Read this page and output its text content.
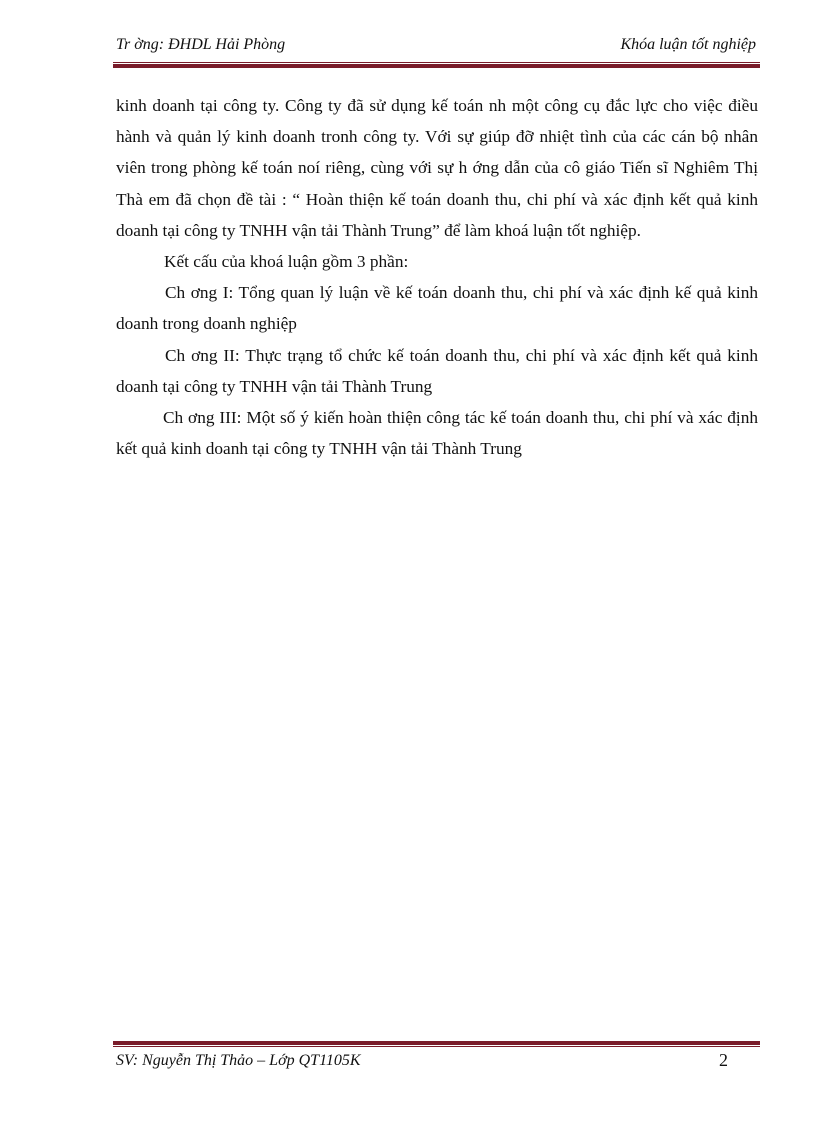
Tr ờng: ĐHDL Hải Phòng	Khóa luận tốt nghiệp

kinh doanh tại công ty. Công ty đã sử dụng kế toán nh một công cụ đắc lực cho việc điều hành và quản lý kinh doanh tronh công ty. Với sự giúp đỡ nhiệt tình của các cán bộ nhân viên trong phòng kế toán noí riêng, cùng với sự h ớng dẫn của cô giáo Tiến sĩ Nghiêm Thị Thà em đã chọn đề tài : “ Hoàn thiện kế toán doanh thu, chi phí và xác định kết quả kinh doanh tại công ty TNHH vận tải Thành Trung” để làm khoá luận tốt nghiệp.

Kết cấu của khoá luận gồm 3 phần:

Ch ơng I: Tổng quan lý luận về kế toán doanh thu, chi phí và xác định kế quả kinh doanh trong doanh nghiệp

Ch ơng II: Thực trạng tổ chức kế toán doanh thu, chi phí và xác định kết quả kinh doanh tại công ty TNHH vận tải Thành Trung

Ch ơng III: Một số ý kiến hoàn thiện công tác kế toán doanh thu, chi phí và xác định kết quả kinh doanh tại công ty TNHH vận tải Thành Trung

SV: Nguyễn Thị Thảo – Lớp QT1105K	2
